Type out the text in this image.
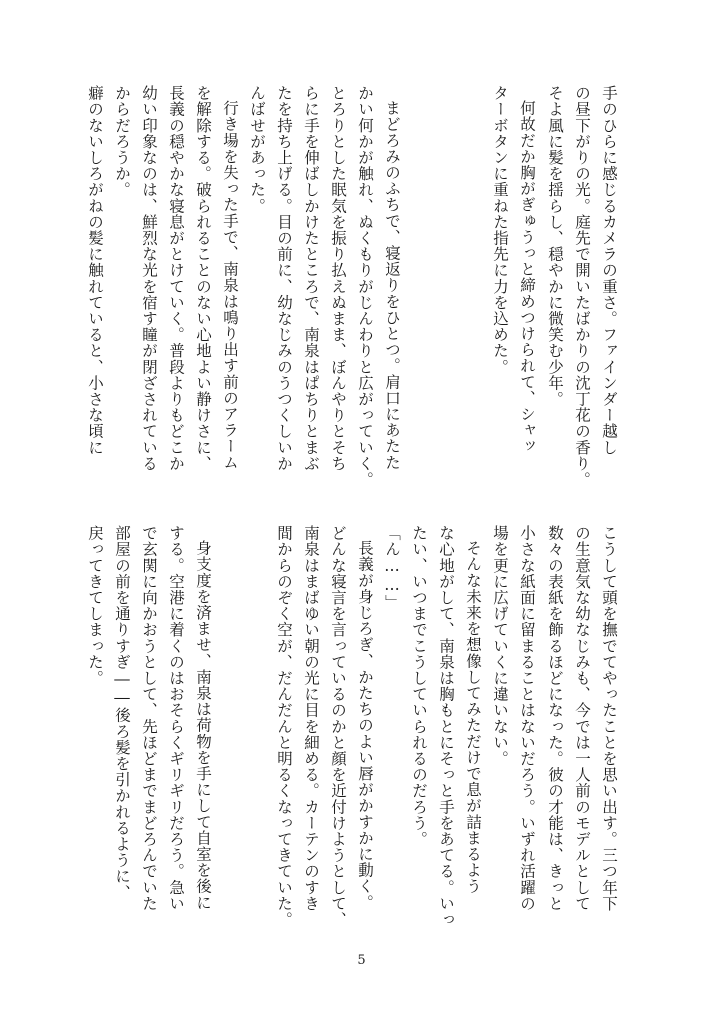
手のひらに感じるカメラの重さ。ファインダー越し
の昼下がりの光。庭先で開いたばかりの沈丁花の香り。
そよ風に髪を揺らし、穏やかに微笑む少年。
何故だか胸がぎゅうっと締めつけられて、シャッ
ターボタンに重ねた指先に力を込めた。
まどろみのふちで、寝返りをひとつ。肩口にあたた
かい何かが触れ、ぬくもりがじんわりと広がっていく。
とろりとした眠気を振り払えぬまま、ぼんやりとそち
らに手を伸ばしかけたところで、南泉はぱちりとまぶ
たを持ち上げる。目の前に、幼なじみのうつくしいか
んばせがあった。
行き場を失った手で、南泉は鳴り出す前のアラーム
を解除する。破られることのない心地よい静けさに、
長義の穏やかな寝息がとけていく。普段よりもどこか
幼い印象なのは、鮮烈な光を宿す瞳が閉ざされている
からだろうか。
癖のないしろがねの髪に触れていると、小さな頃に
こうして頭を撫でてやったことを思い出す。三つ年下
の生意気な幼なじみも、今では一人前のモデルとして
数々の表紙を飾るほどになった。彼の才能は、きっと
小さな紙面に留まることはないだろう。いずれ活躍の
場を更に広げていくに違いない。
そんな未来を想像してみただけで息が詰まるよう
な心地がして、南泉は胸もとにそっと手をあてる。いっ
たい、いつまでこうしていられるのだろう。
「ん……」
長義が身じろぎ、かたちのよい唇がかすかに動く。
どんな寝言を言っているのかと顔を近付けようとして、
南泉はまばゆい朝の光に目を細める。カーテンのすき
間からのぞく空が、だんだんと明るくなってきていた。
身支度を済ませ、南泉は荷物を手にして自室を後に
する。空港に着くのはおそらくギリギリだろう。急い
で玄関に向かおうとして、先ほどまでまどろんでいた
部屋の前を通りすぎ――後ろ髪を引かれるように、
戻ってきてしまった。
5
